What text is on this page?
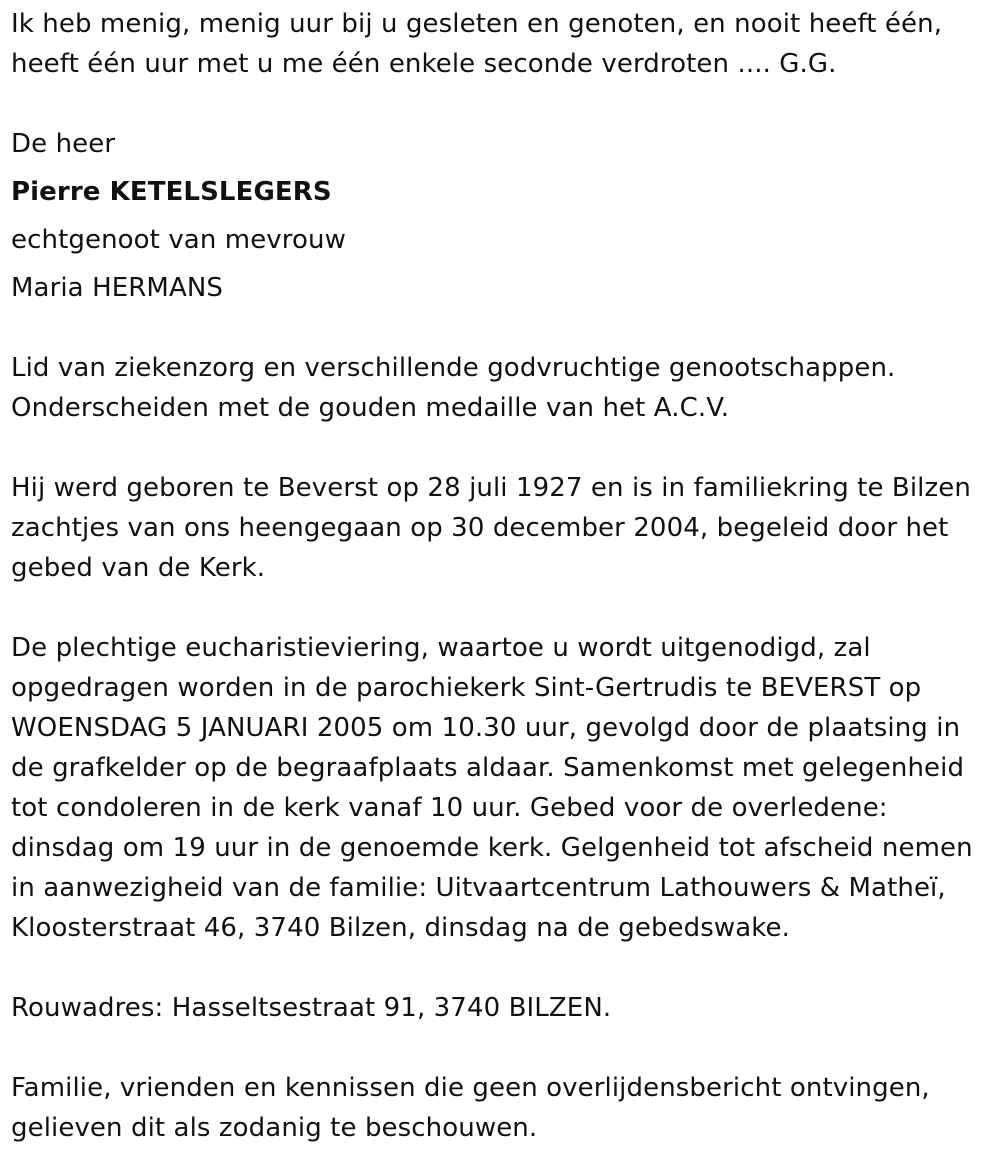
Ik heb menig, menig uur bij u gesleten en genoten, en nooit heeft één,
heeft één uur met u me één enkele seconde verdroten .... G.G.
De heer
Pierre KETELSLEGERS
echtgenoot van mevrouw
Maria HERMANS
Lid van ziekenzorg en verschillende godvruchtige genootschappen.
Onderscheiden met de gouden medaille van het A.C.V.
Hij werd geboren te Beverst op 28 juli 1927 en is in familiekring te Bilzen
zachtjes van ons heengegaan op 30 december 2004, begeleid door het
gebed van de Kerk.
De plechtige eucharistieviering, waartoe u wordt uitgenodigd, zal
opgedragen worden in de parochiekerk Sint-Gertrudis te BEVERST op
WOENSDAG 5 JANUARI 2005 om 10.30 uur, gevolgd door de plaatsing in
de grafkelder op de begraafplaats aldaar. Samenkomst met gelegenheid
tot condoleren in de kerk vanaf 10 uur. Gebed voor de overledene:
dinsdag om 19 uur in de genoemde kerk. Gelgenheid tot afscheid nemen
in aanwezigheid van de familie: Uitvaartcentrum Lathouwers & Matheï,
Kloosterstraat 46, 3740 Bilzen, dinsdag na de gebedswake.
Rouwadres: Hasseltsestraat 91, 3740 BILZEN.
Familie, vrienden en kennissen die geen overlijdensbericht ontvingen,
gelieven dit als zodanig te beschouwen.
